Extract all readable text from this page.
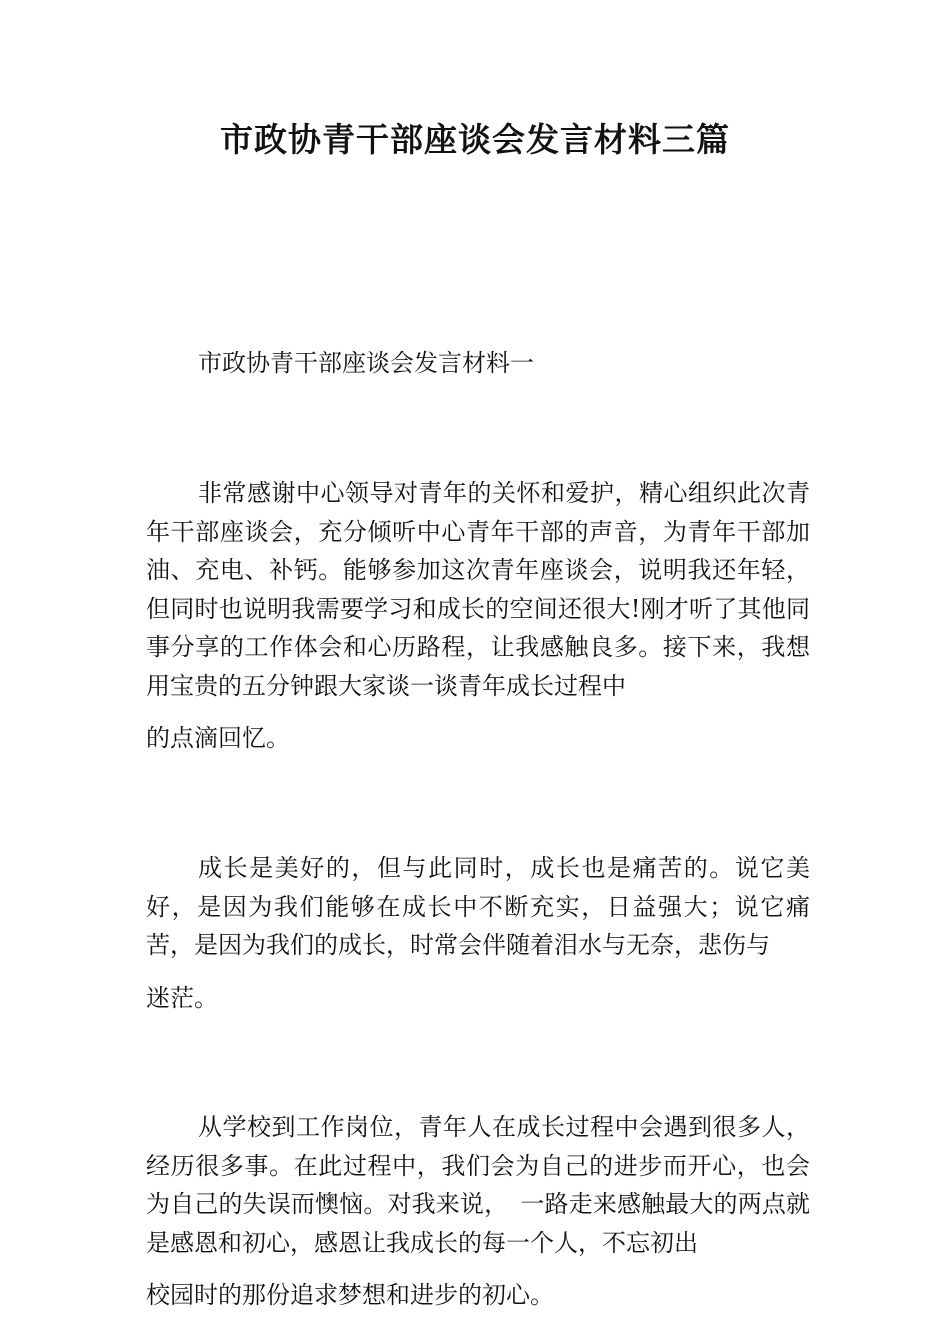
市政协青干部座谈会发言材料三篇

市政协青干部座谈会发言材料一

非常感谢中心领导对青年的关怀和爱护，精心组织此次青年干部座谈会，充分倾听中心青年干部的声音，为青年干部加油、充电、补钙。能够参加这次青年座谈会，说明我还年轻，但同时也说明我需要学习和成长的空间还很大!刚才听了其他同事分享的工作体会和心历路程，让我感触良多。接下来，我想用宝贵的五分钟跟大家谈一谈青年成长过程中
的点滴回忆。

成长是美好的，但与此同时，成长也是痛苦的。说它美好，是因为我们能够在成长中不断充实，日益强大；说它痛苦，是因为我们的成长，时常会伴随着泪水与无奈，悲伤与
迷茫。

从学校到工作岗位，青年人在成长过程中会遇到很多人，经历很多事。在此过程中，我们会为自己的进步而开心，也会为自己的失误而懊恼。对我来说，　一路走来感触最大的两点就是感恩和初心，感恩让我成长的每一个人，不忘初出
校园时的那份追求梦想和进步的初心。
